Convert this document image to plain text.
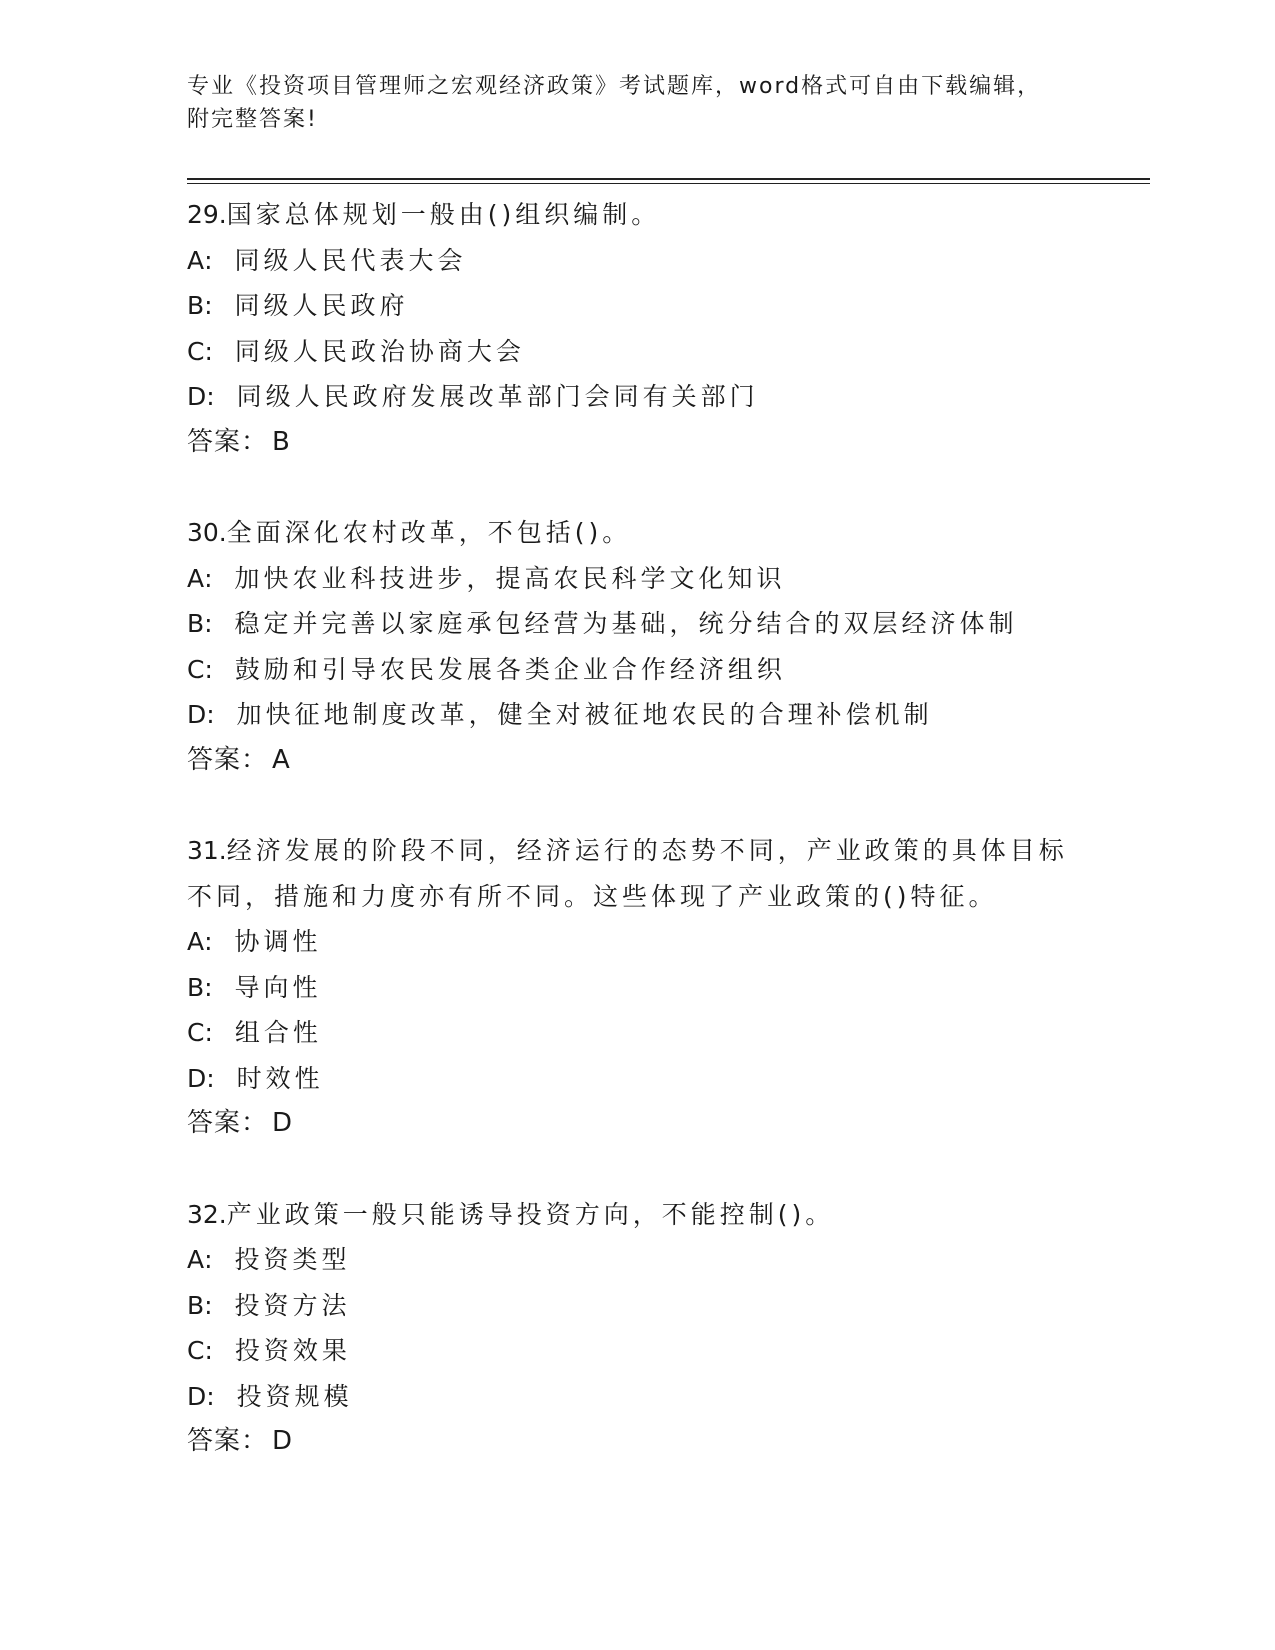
专业《投资项目管理师之宏观经济政策》考试题库，word格式可自由下载编辑，
附完整答案!

29.国家总体规划一般由()组织编制。
A: 同级人民代表大会
B: 同级人民政府
C: 同级人民政治协商大会
D: 同级人民政府发展改革部门会同有关部门
答案： B
30.全面深化农村改革，不包括()。
A: 加快农业科技进步，提高农民科学文化知识
B: 稳定并完善以家庭承包经营为基础，统分结合的双层经济体制
C: 鼓励和引导农民发展各类企业合作经济组织
D: 加快征地制度改革，健全对被征地农民的合理补偿机制
答案： A
31.经济发展的阶段不同，经济运行的态势不同，产业政策的具体目标不同，措施和力度亦有所不同。这些体现了产业政策的()特征。
A: 协调性
B: 导向性
C: 组合性
D: 时效性
答案： D
32.产业政策一般只能诱导投资方向，不能控制()。
A: 投资类型
B: 投资方法
C: 投资效果
D: 投资规模
答案： D
